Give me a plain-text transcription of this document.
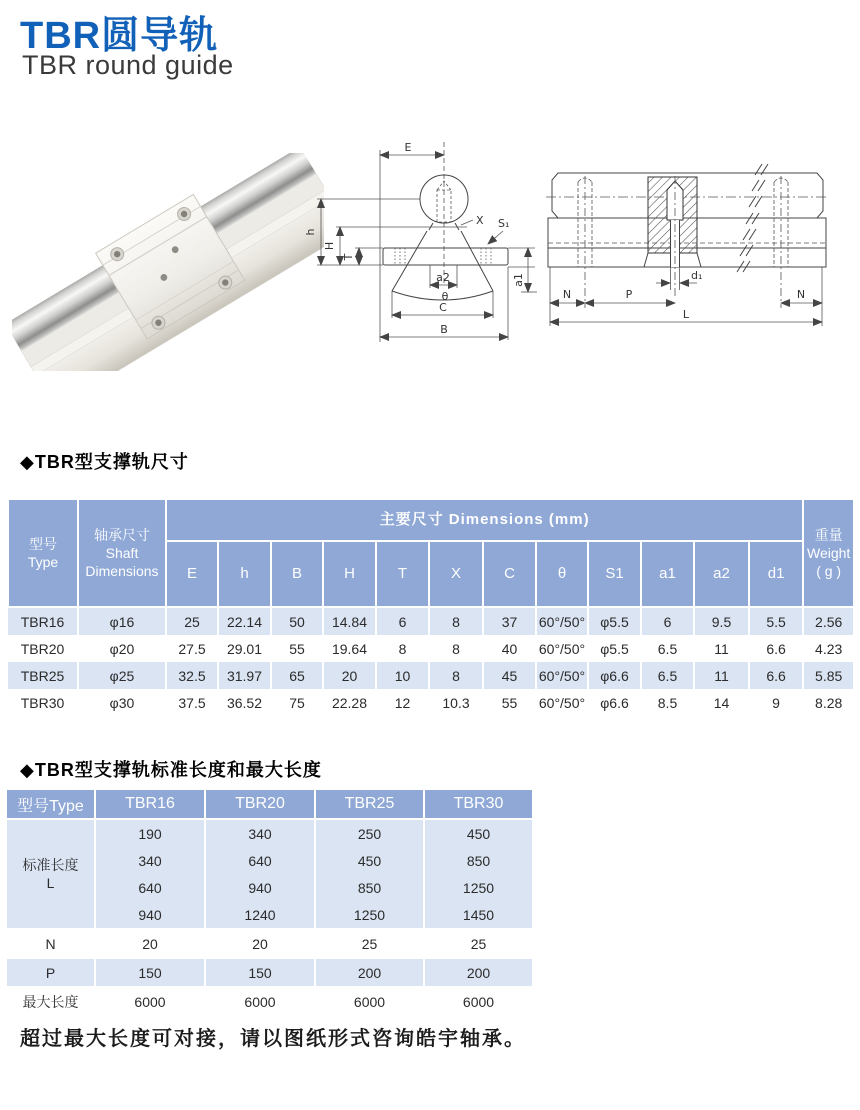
TBR圆导轨
TBR round guide
E
h
H
T
X S₁
a2	a1
θ
C
B
d₁
N	P	N
L
◆TBR型支撑轨尺寸
型号
Type

轴承尺寸
Shaft
Dimensions
	主要尺寸 Dimensions (mm)	
重量
Weight
( g )

		E	h	B	H	T	X	C	θ	S1	a1	a2	d1	
TBR16	φ16	25	22.14	50	14.84	6	8	37	60°/50°	φ5.5	6	9.5	5.5	2.56
TBR20	φ20	27.5	29.01	55	19.64	8	8	40	60°/50°	φ5.5	6.5	11	6.6	4.23
TBR25	φ25	32.5	31.97	65	20	10	8	45	60°/50°	φ6.6	6.5	11	6.6	5.85
TBR30	φ30	37.5	36.52	75	22.28	12	10.3	55	60°/50°	φ6.6	8.5	14	9	8.28
◆TBR型支撑轨标准长度和最大长度
型号Type	TBR16	TBR20	TBR25	TBR30

标准长度
L	190	340	250	450
	340	640	450	850
	640	940	850	1250
	940	1240	1250	1450
N	20	20	25	25
P	150	150	200	200
最大长度	6000	6000	6000	6000
超过最大长度可对接，请以图纸形式咨询皓宇轴承。
